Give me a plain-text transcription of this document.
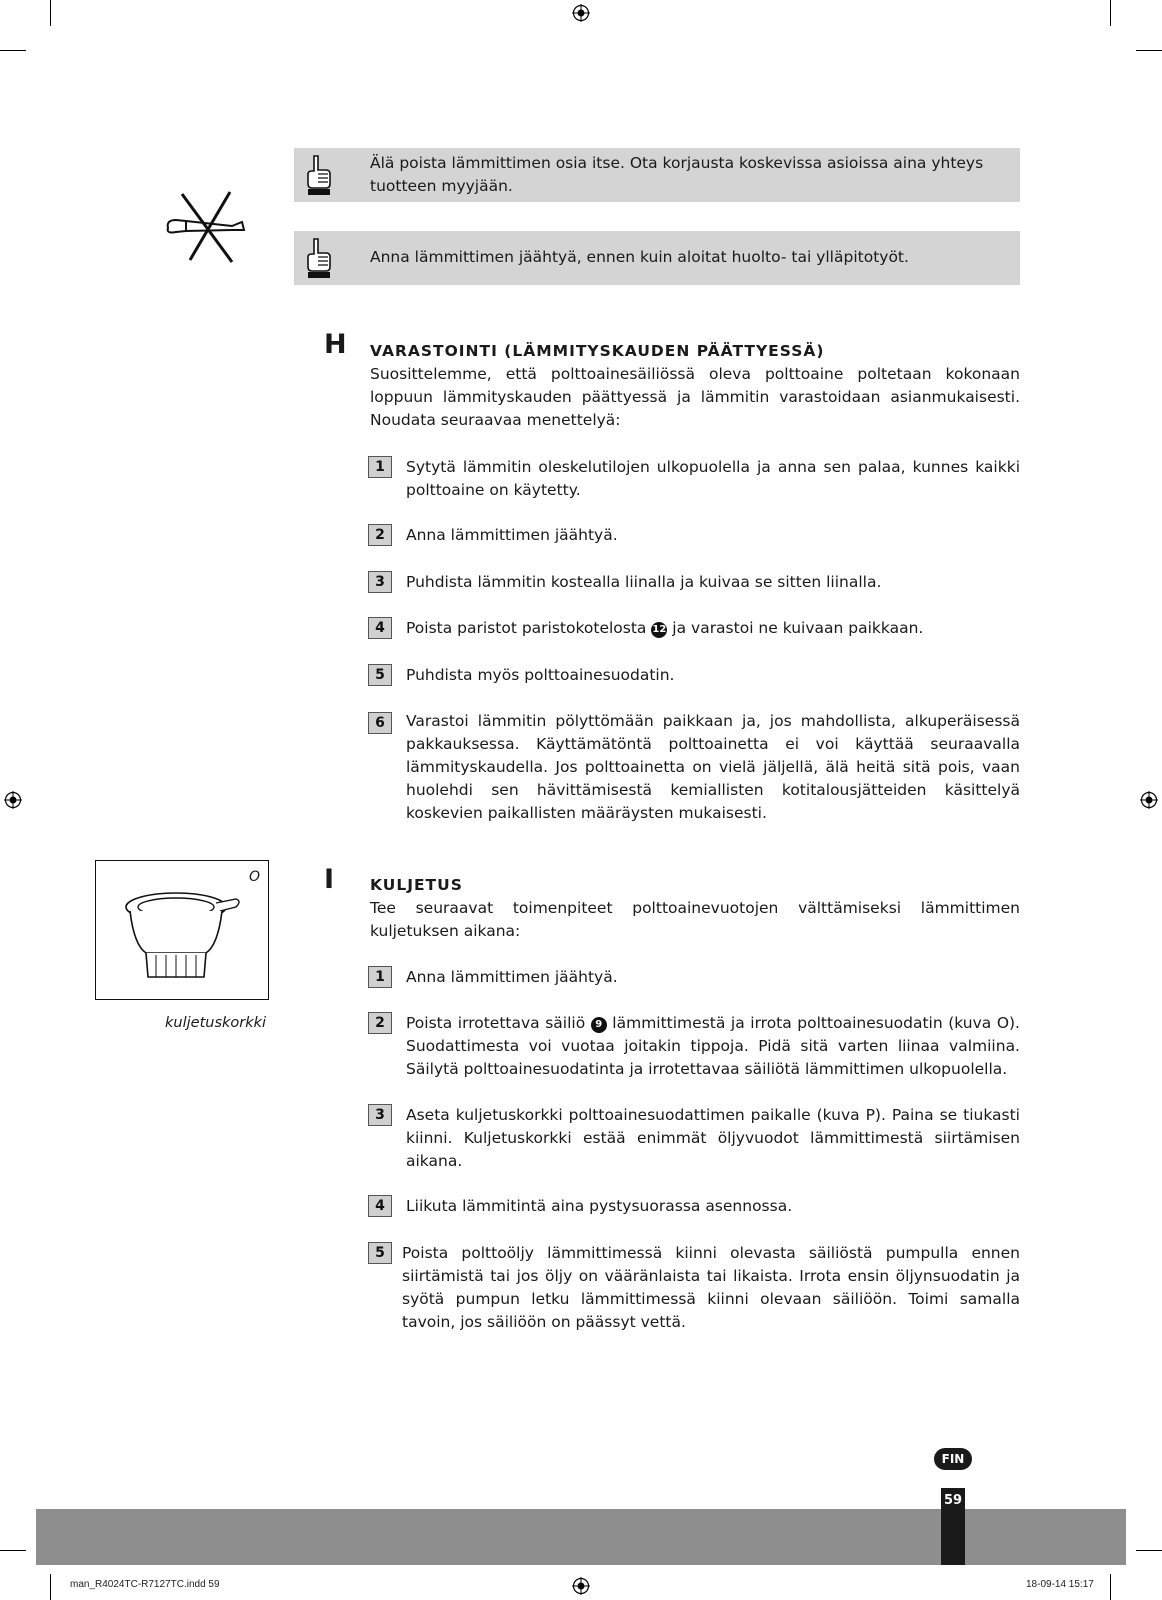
Älä poista lämmittimen osia itse. Ota korjausta koskevissa asioissa aina yhteys
tuotteen myyjään.
Anna lämmittimen jäähtyä, ennen kuin aloitat huolto- tai ylläpitotyöt.
H VARASTOINTI (LÄMMITYSKAUDEN PÄÄTTYESSÄ)
Suosittelemme, että polttoainesäiliössä oleva polttoaine poltetaan kokonaan loppuun lämmityskauden päättyessä ja lämmitin varastoidaan asianmukaisesti. Noudata seuraavaa menettelyä:
1	Sytytä lämmitin oleskelutilojen ulkopuolella ja anna sen palaa, kunnes kaikki polttoaine on käytetty.
2	Anna lämmittimen jäähtyä.
3	Puhdista lämmitin kostealla liinalla ja kuivaa se sitten liinalla.
4	Poista paristot paristokotelosta 12 ja varastoi ne kuivaan paikkaan.
5	Puhdista myös polttoainesuodatin.
6	Varastoi lämmitin pölyttömään paikkaan ja, jos mahdollista, alkuperäisessä pakkauksessa. Käyttämätöntä polttoainetta ei voi käyttää seuraavalla lämmityskaudella. Jos polttoainetta on vielä jäljellä, älä heitä sitä pois, vaan huolehdi sen hävittämisestä kemiallisten kotitalousjätteiden käsittelyä koskevien paikallisten määräysten mukaisesti.
O
kuljetuskorkki
I KULJETUS
Tee seuraavat toimenpiteet polttoainevuotojen välttämiseksi lämmittimen kuljetuksen aikana:
1	Anna lämmittimen jäähtyä.
2	Poista irrotettava säiliö 9 lämmittimestä ja irrota polttoainesuodatin (kuva O). Suodattimesta voi vuotaa joitakin tippoja. Pidä sitä varten liinaa valmiina. Säilytä polttoainesuodatinta ja irrotettavaa säiliötä lämmittimen ulkopuolella.
3	Aseta kuljetuskorkki polttoainesuodattimen paikalle (kuva P). Paina se tiukasti kiinni. Kuljetuskorkki estää enimmät öljyvuodot lämmittimestä siirtämisen aikana.
4	Liikuta lämmitintä aina pystysuorassa asennossa.
5	Poista polttoöljy lämmittimessä kiinni olevasta säiliöstä pumpulla ennen siirtämistä tai jos öljy on vääränlaista tai likaista. Irrota ensin öljynsuodatin ja syötä pumpun letku lämmittimessä kiinni olevaan säiliöön. Toimi samalla tavoin, jos säiliöön on päässyt vettä.
FIN
59
man_R4024TC-R7127TC.indd 59	18-09-14 15:17
